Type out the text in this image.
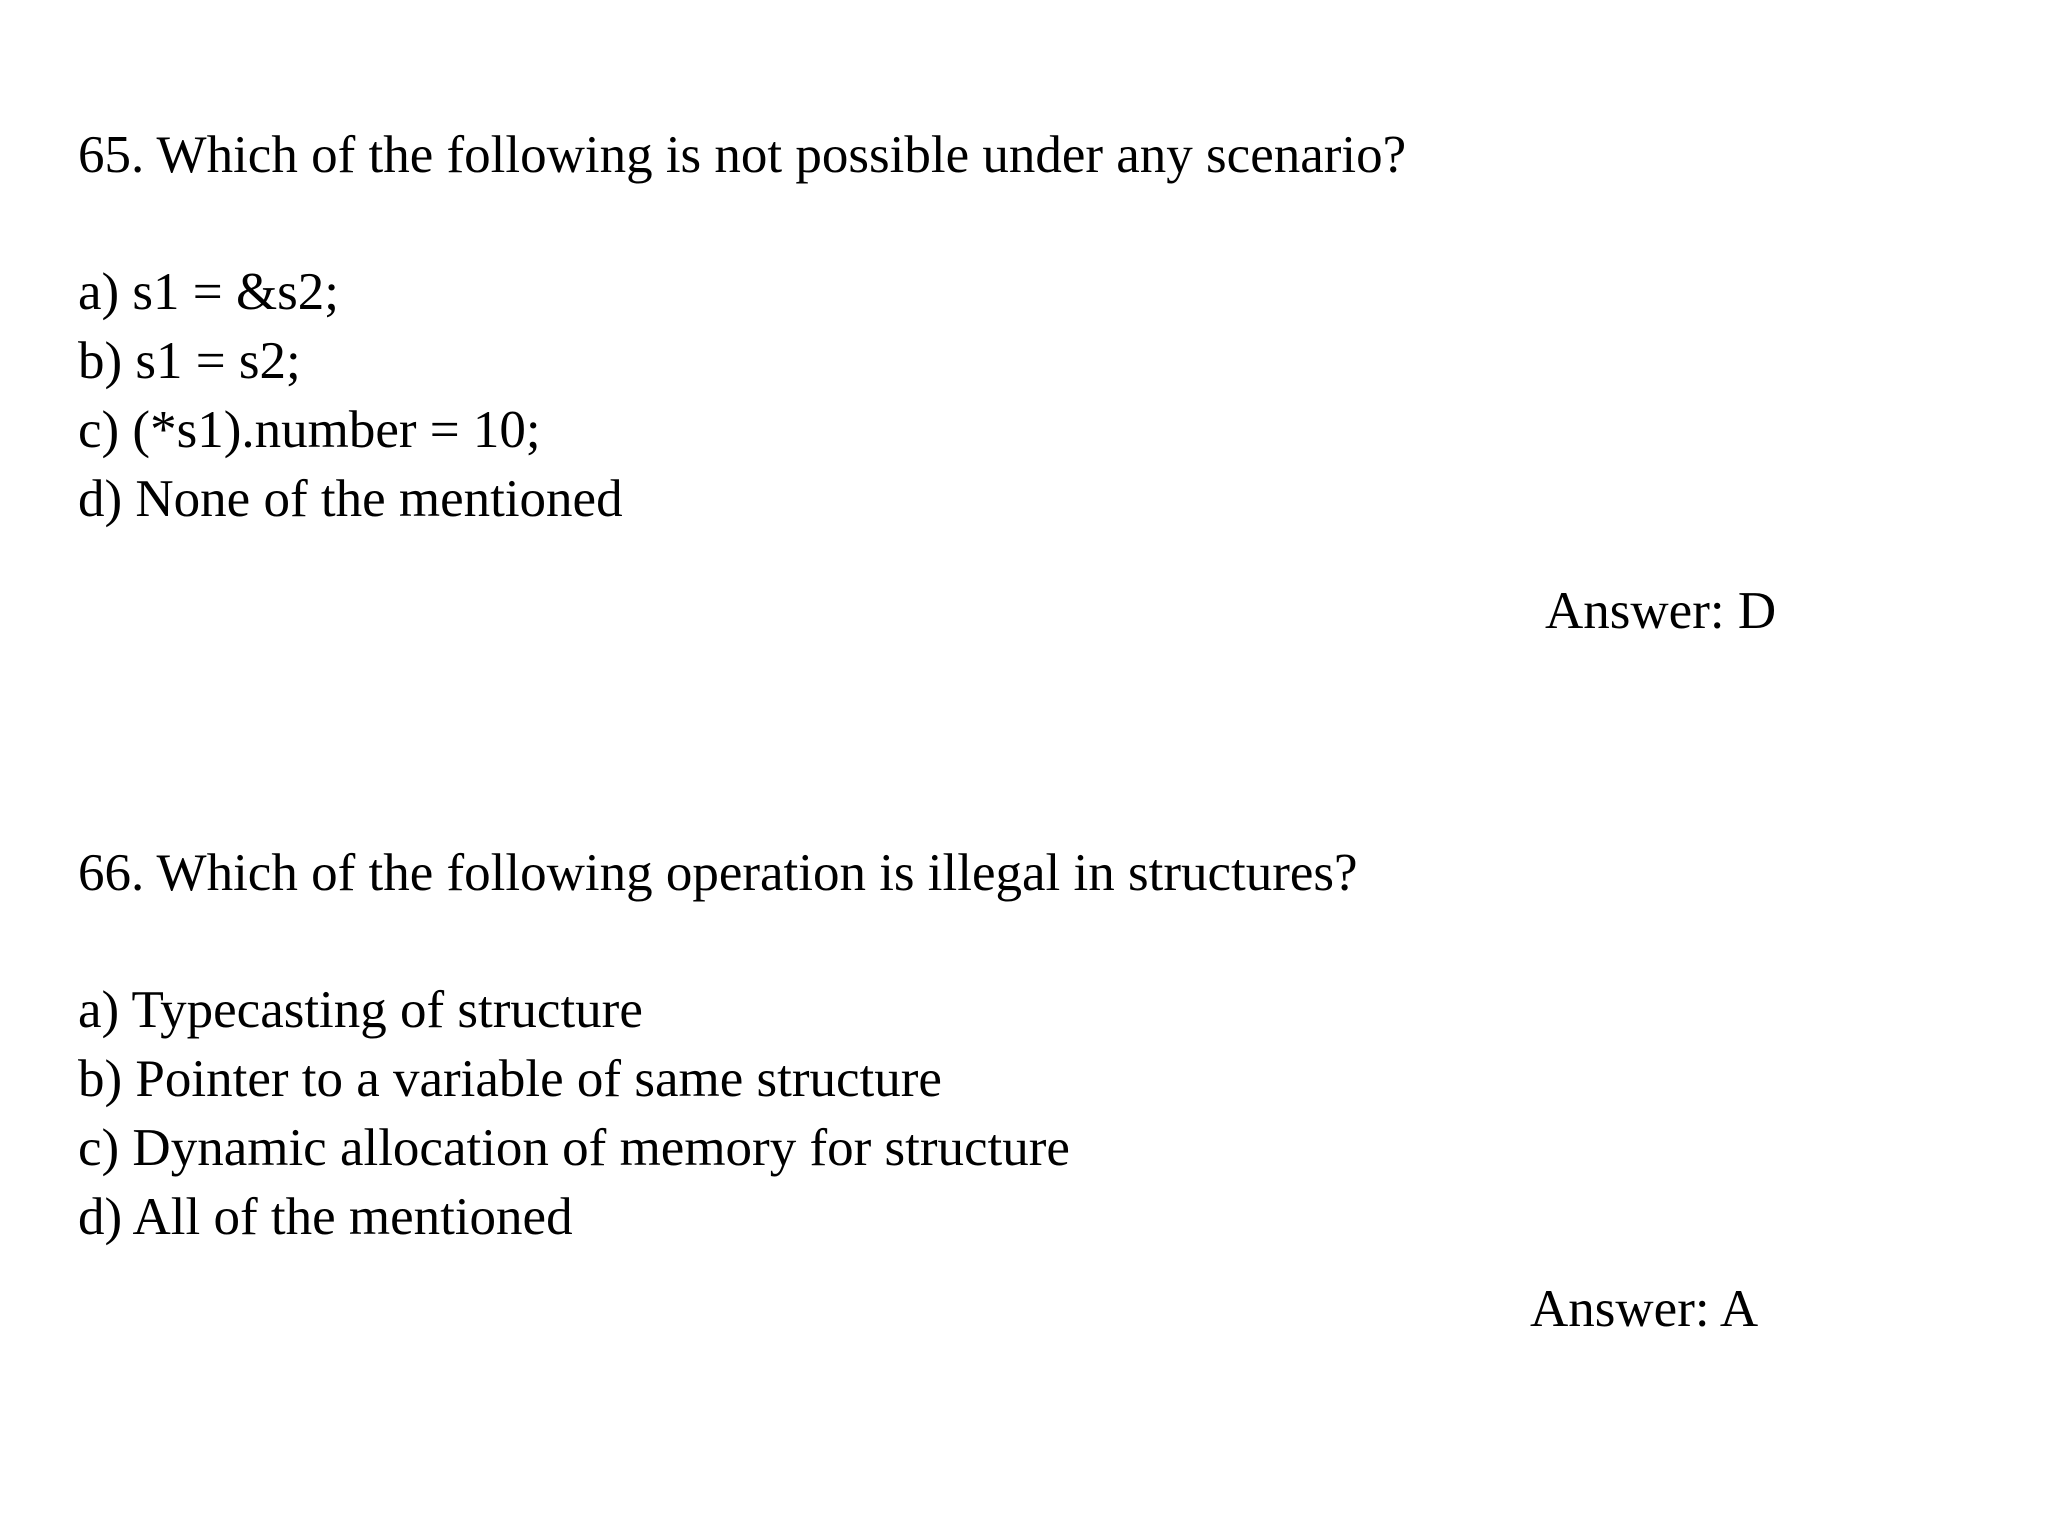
65. Which of the following is not possible under any scenario?

a) s1 = &s2;
b) s1 = s2;
c) (*s1).number = 10;
d) None of the mentioned
Answer: D

66. Which of the following operation is illegal in structures?

a) Typecasting of structure
b) Pointer to a variable of same structure
c) Dynamic allocation of memory for structure
d) All of the mentioned
Answer: A
